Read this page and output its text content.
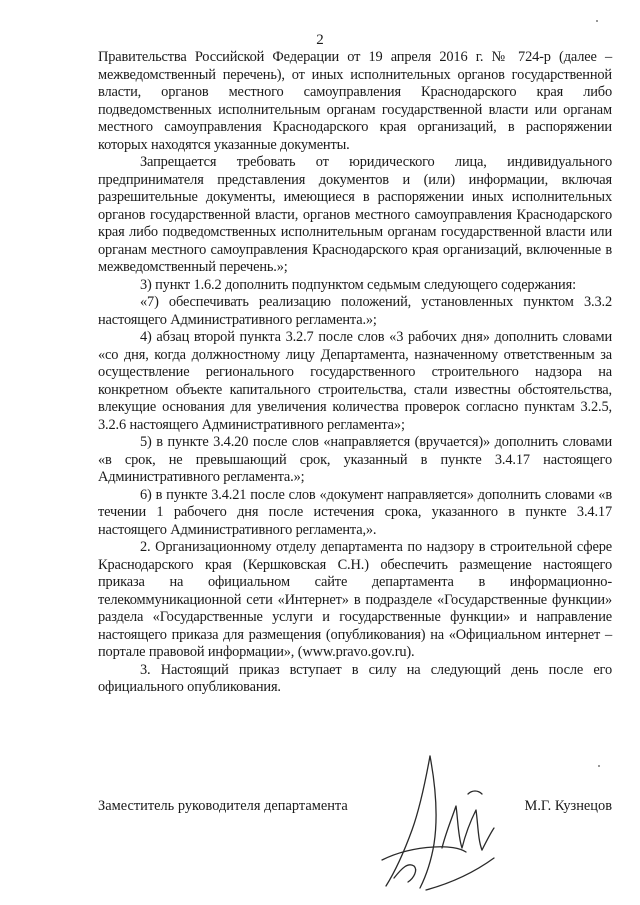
2

Правительства Российской Федерации от 19 апреля 2016 г. № 724-р (далее – межведомственный перечень), от иных исполнительных органов государственной власти, органов местного самоуправления Краснодарского края либо подведомственных исполнительным органам государственной власти или органам местного самоуправления Краснодарского края организаций, в распоряжении которых находятся указанные документы.

Запрещается требовать от юридического лица, индивидуального предпринимателя представления документов и (или) информации, включая разрешительные документы, имеющиеся в распоряжении иных исполнительных органов государственной власти, органов местного самоуправления Краснодарского края либо подведомственных исполнительным органам государственной власти или органам местного самоуправления Краснодарского края организаций, включенные в межведомственный перечень.»;

3) пункт 1.6.2 дополнить подпунктом седьмым следующего содержания:

«7) обеспечивать реализацию положений, установленных пунктом 3.3.2 настоящего Административного регламента.»;

4) абзац второй пункта 3.2.7 после слов «3 рабочих дня» дополнить словами «со дня, когда должностному лицу Департамента, назначенному ответственным за осуществление регионального государственного строительного надзора на конкретном объекте капитального строительства, стали известны обстоятельства, влекущие основания для увеличения количества проверок согласно пунктам 3.2.5, 3.2.6 настоящего Административного регламента»;

5) в пункте 3.4.20 после слов «направляется (вручается)» дополнить словами «в срок, не превышающий срок, указанный в пункте 3.4.17 настоящего Административного регламента.»;

6) в пункте 3.4.21 после слов «документ направляется» дополнить словами «в течении 1 рабочего дня после истечения срока, указанного в пункте 3.4.17 настоящего Административного регламента,».

2. Организационному отделу департамента по надзору в строительной сфере Краснодарского края (Кершковская С.Н.) обеспечить размещение настоящего приказа на официальном сайте департамента в информационно-телекоммуникационной сети «Интернет» в подразделе «Государственные функции» раздела «Государственные услуги и государственные функции» и направление настоящего приказа для размещения (опубликования) на «Официальном интернет – портале правовой информации», (www.pravo.gov.ru).

3. Настоящий приказ вступает в силу на следующий день после его официального опубликования.

Заместитель руководителя департамента	М.Г. Кузнецов
